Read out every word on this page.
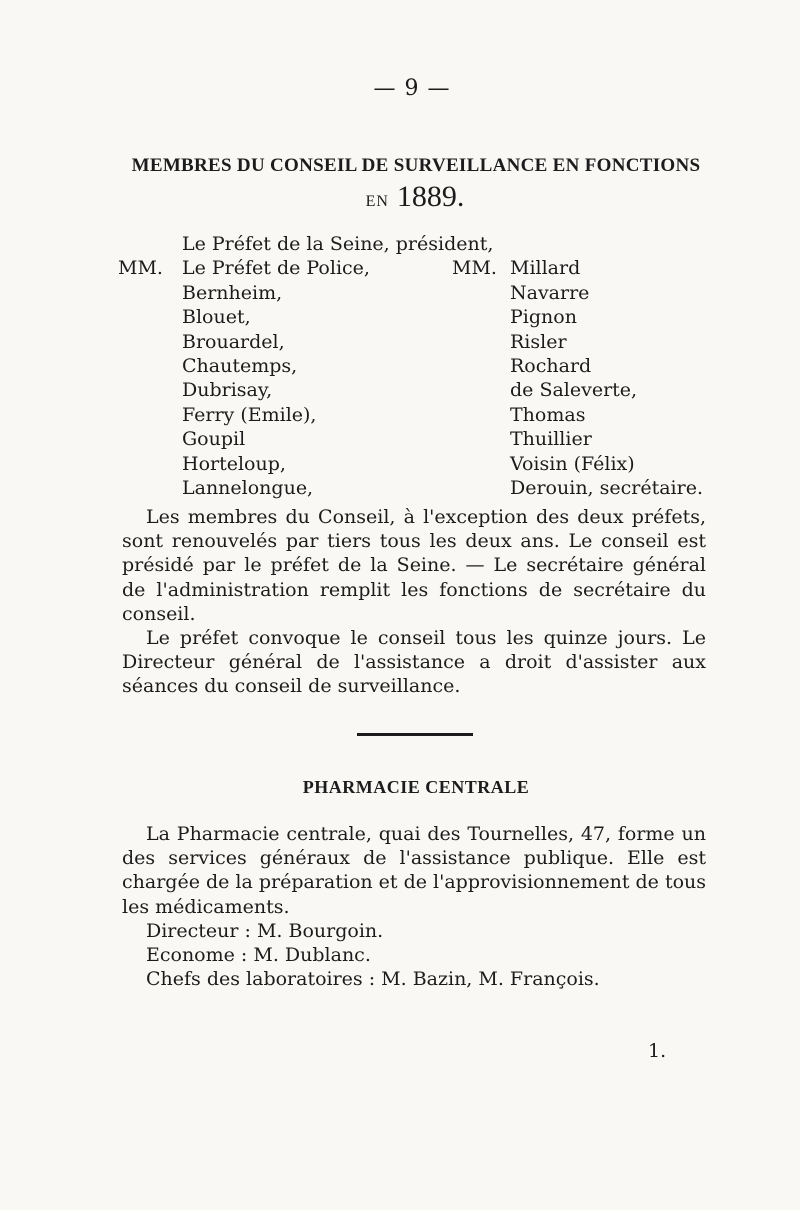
— 9 —
MEMBRES DU CONSEIL DE SURVEILLANCE EN FONCTIONS
EN 1889.
Le Préfet de la Seine, président,
MM. Le Préfet de Police,	MM. Millard
Bernheim,	Navarre
Blouet,	Pignon
Brouardel,	Risler
Chautemps,	Rochard
Dubrisay,	de Saleverte,
Ferry (Emile),	Thomas
Goupil	Thuillier
Horteloup,	Voisin (Félix)
Lannelongue,	Derouin, secrétaire.

Les membres du Conseil, à l'exception des deux préfets, sont renouvelés par tiers tous les deux ans. Le conseil est présidé par le préfet de la Seine. — Le secrétaire général de l'administration remplit les fonctions de secrétaire du conseil.

Le préfet convoque le conseil tous les quinze jours. Le Directeur général de l'assistance a droit d'assister aux séances du conseil de surveillance.

PHARMACIE CENTRALE

La Pharmacie centrale, quai des Tournelles, 47, forme un des services généraux de l'assistance publique. Elle est chargée de la préparation et de l'approvisionnement de tous les médicaments.

Directeur : M. Bourgoin.

Econome : M. Dublanc.

Chefs des laboratoires : M. Bazin, M. François.

1.
